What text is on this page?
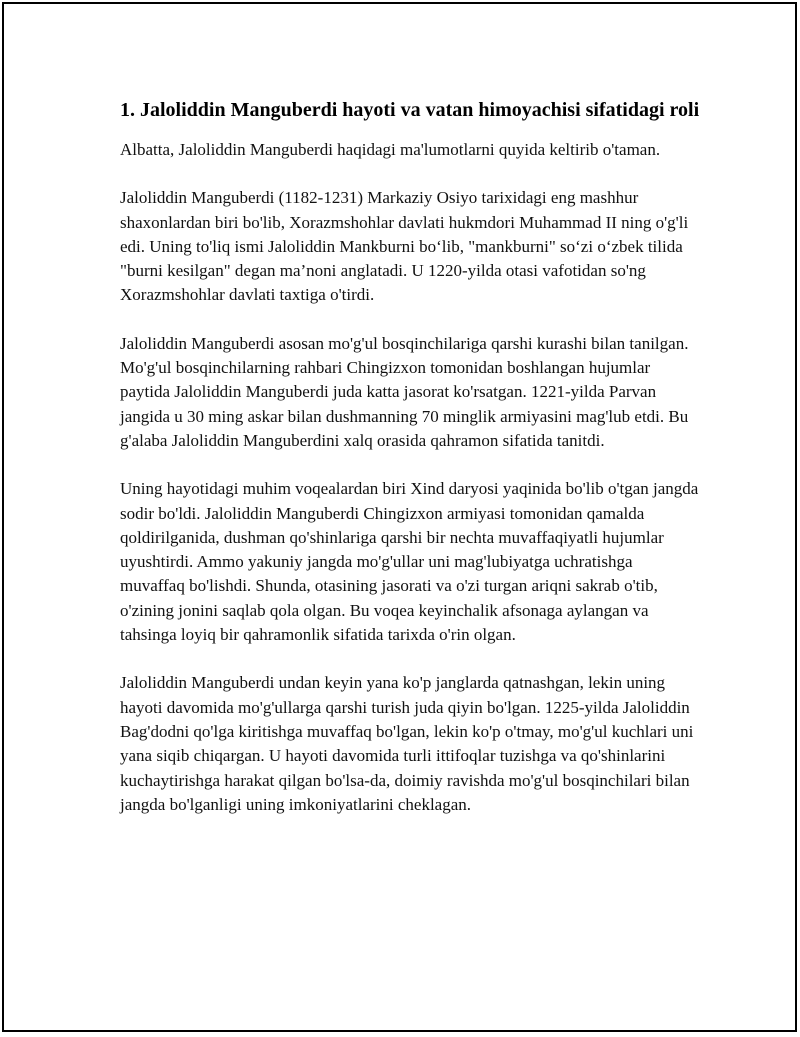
1. Jaloliddin Manguberdi hayoti va vatan himoyachisi sifatidagi roli

Albatta, Jaloliddin Manguberdi haqidagi ma'lumotlarni quyida keltirib o'taman.

Jaloliddin Manguberdi (1182-1231) Markaziy Osiyo tarixidagi eng mashhur shaxonlardan biri bo'lib, Xorazmshohlar davlati hukmdori Muhammad II ning o'g'li edi. Uning to'liq ismi Jaloliddin Mankburni bo‘lib, "mankburni" so‘zi o‘zbek tilida "burni kesilgan" degan ma’noni anglatadi. U 1220-yilda otasi vafotidan so'ng Xorazmshohlar davlati taxtiga o'tirdi.

Jaloliddin Manguberdi asosan mo'g'ul bosqinchilariga qarshi kurashi bilan tanilgan. Mo'g'ul bosqinchilarning rahbari Chingizxon tomonidan boshlangan hujumlar paytida Jaloliddin Manguberdi juda katta jasorat ko'rsatgan. 1221-yilda Parvan jangida u 30 ming askar bilan dushmanning 70 minglik armiyasini mag'lub etdi. Bu g'alaba Jaloliddin Manguberdini xalq orasida qahramon sifatida tanitdi.

Uning hayotidagi muhim voqealardan biri Xind daryosi yaqinida bo'lib o'tgan jangda sodir bo'ldi. Jaloliddin Manguberdi Chingizxon armiyasi tomonidan qamalda qoldirilganida, dushman qo'shinlariga qarshi bir nechta muvaffaqiyatli hujumlar uyushtirdi. Ammo yakuniy jangda mo'g'ullar uni mag'lubiyatga uchratishga muvaffaq bo'lishdi. Shunda, otasining jasorati va o'zi turgan ariqni sakrab o'tib, o'zining jonini saqlab qola olgan. Bu voqea keyinchalik afsonaga aylangan va tahsinga loyiq bir qahramonlik sifatida tarixda o'rin olgan.

Jaloliddin Manguberdi undan keyin yana ko'p janglarda qatnashgan, lekin uning hayoti davomida mo'g'ullarga qarshi turish juda qiyin bo'lgan. 1225-yilda Jaloliddin Bag'dodni qo'lga kiritishga muvaffaq bo'lgan, lekin ko'p o'tmay, mo'g'ul kuchlari uni yana siqib chiqargan. U hayoti davomida turli ittifoqlar tuzishga va qo'shinlarini kuchaytirishga harakat qilgan bo'lsa-da, doimiy ravishda mo'g'ul bosqinchilari bilan jangda bo'lganligi uning imkoniyatlarini cheklagan.
